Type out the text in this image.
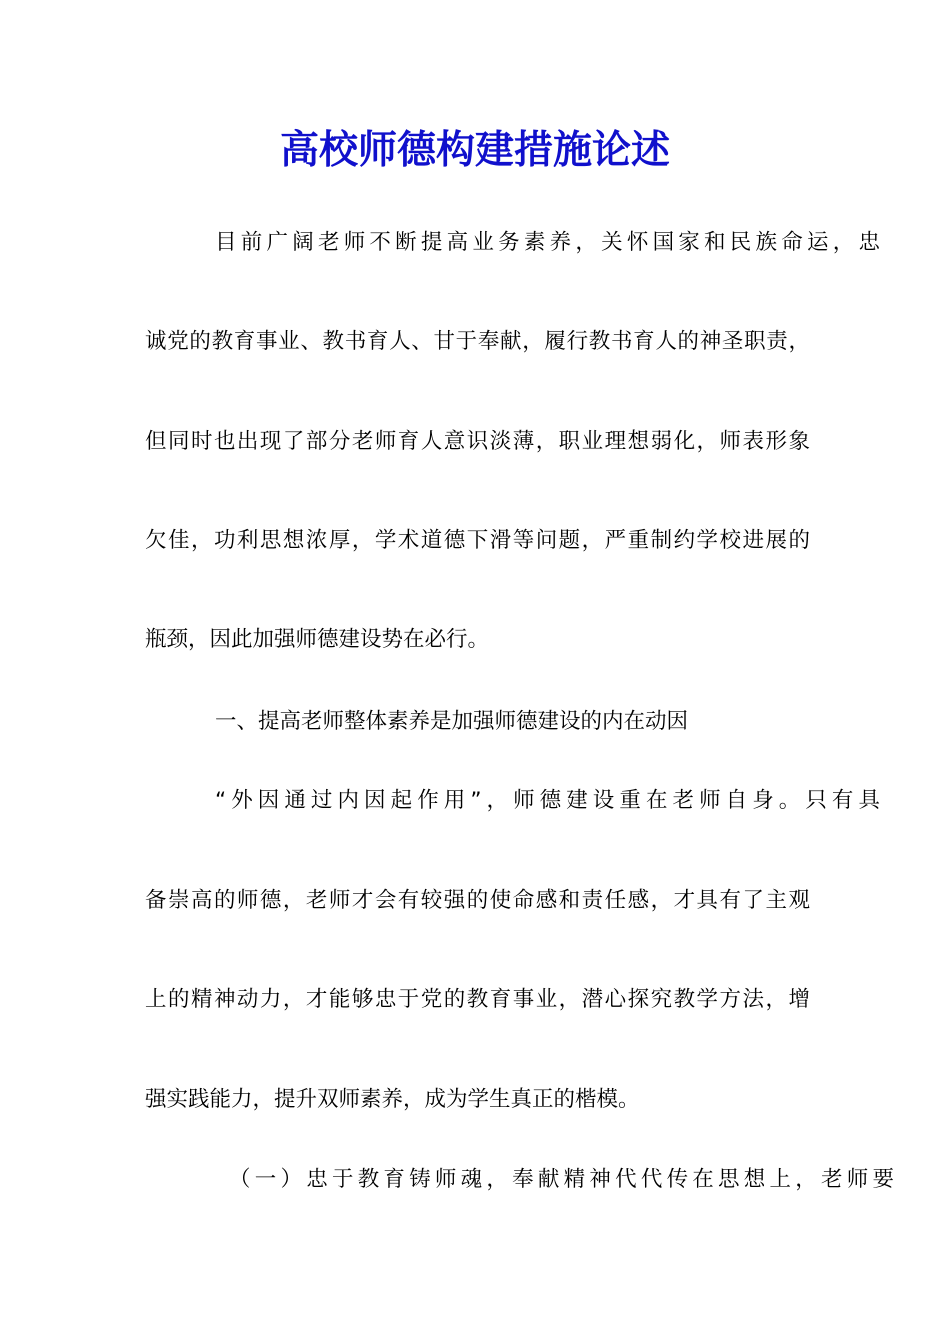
高校师德构建措施论述

目前广阔老师不断提高业务素养，关怀国家和民族命运，忠

诚党的教育事业、教书育人、甘于奉献，履行教书育人的神圣职责，

但同时也出现了部分老师育人意识淡薄，职业理想弱化，师表形象

欠佳，功利思想浓厚，学术道德下滑等问题，严重制约学校进展的

瓶颈，因此加强师德建设势在必行。

一、提高老师整体素养是加强师德建设的内在动因

“外因通过内因起作用”，师德建设重在老师自身。只有具

备崇高的师德，老师才会有较强的使命感和责任感，才具有了主观

上的精神动力，才能够忠于党的教育事业，潜心探究教学方法，增

强实践能力，提升双师素养，成为学生真正的楷模。

（一）忠于教育铸师魂，奉献精神代代传在思想上，老师要
